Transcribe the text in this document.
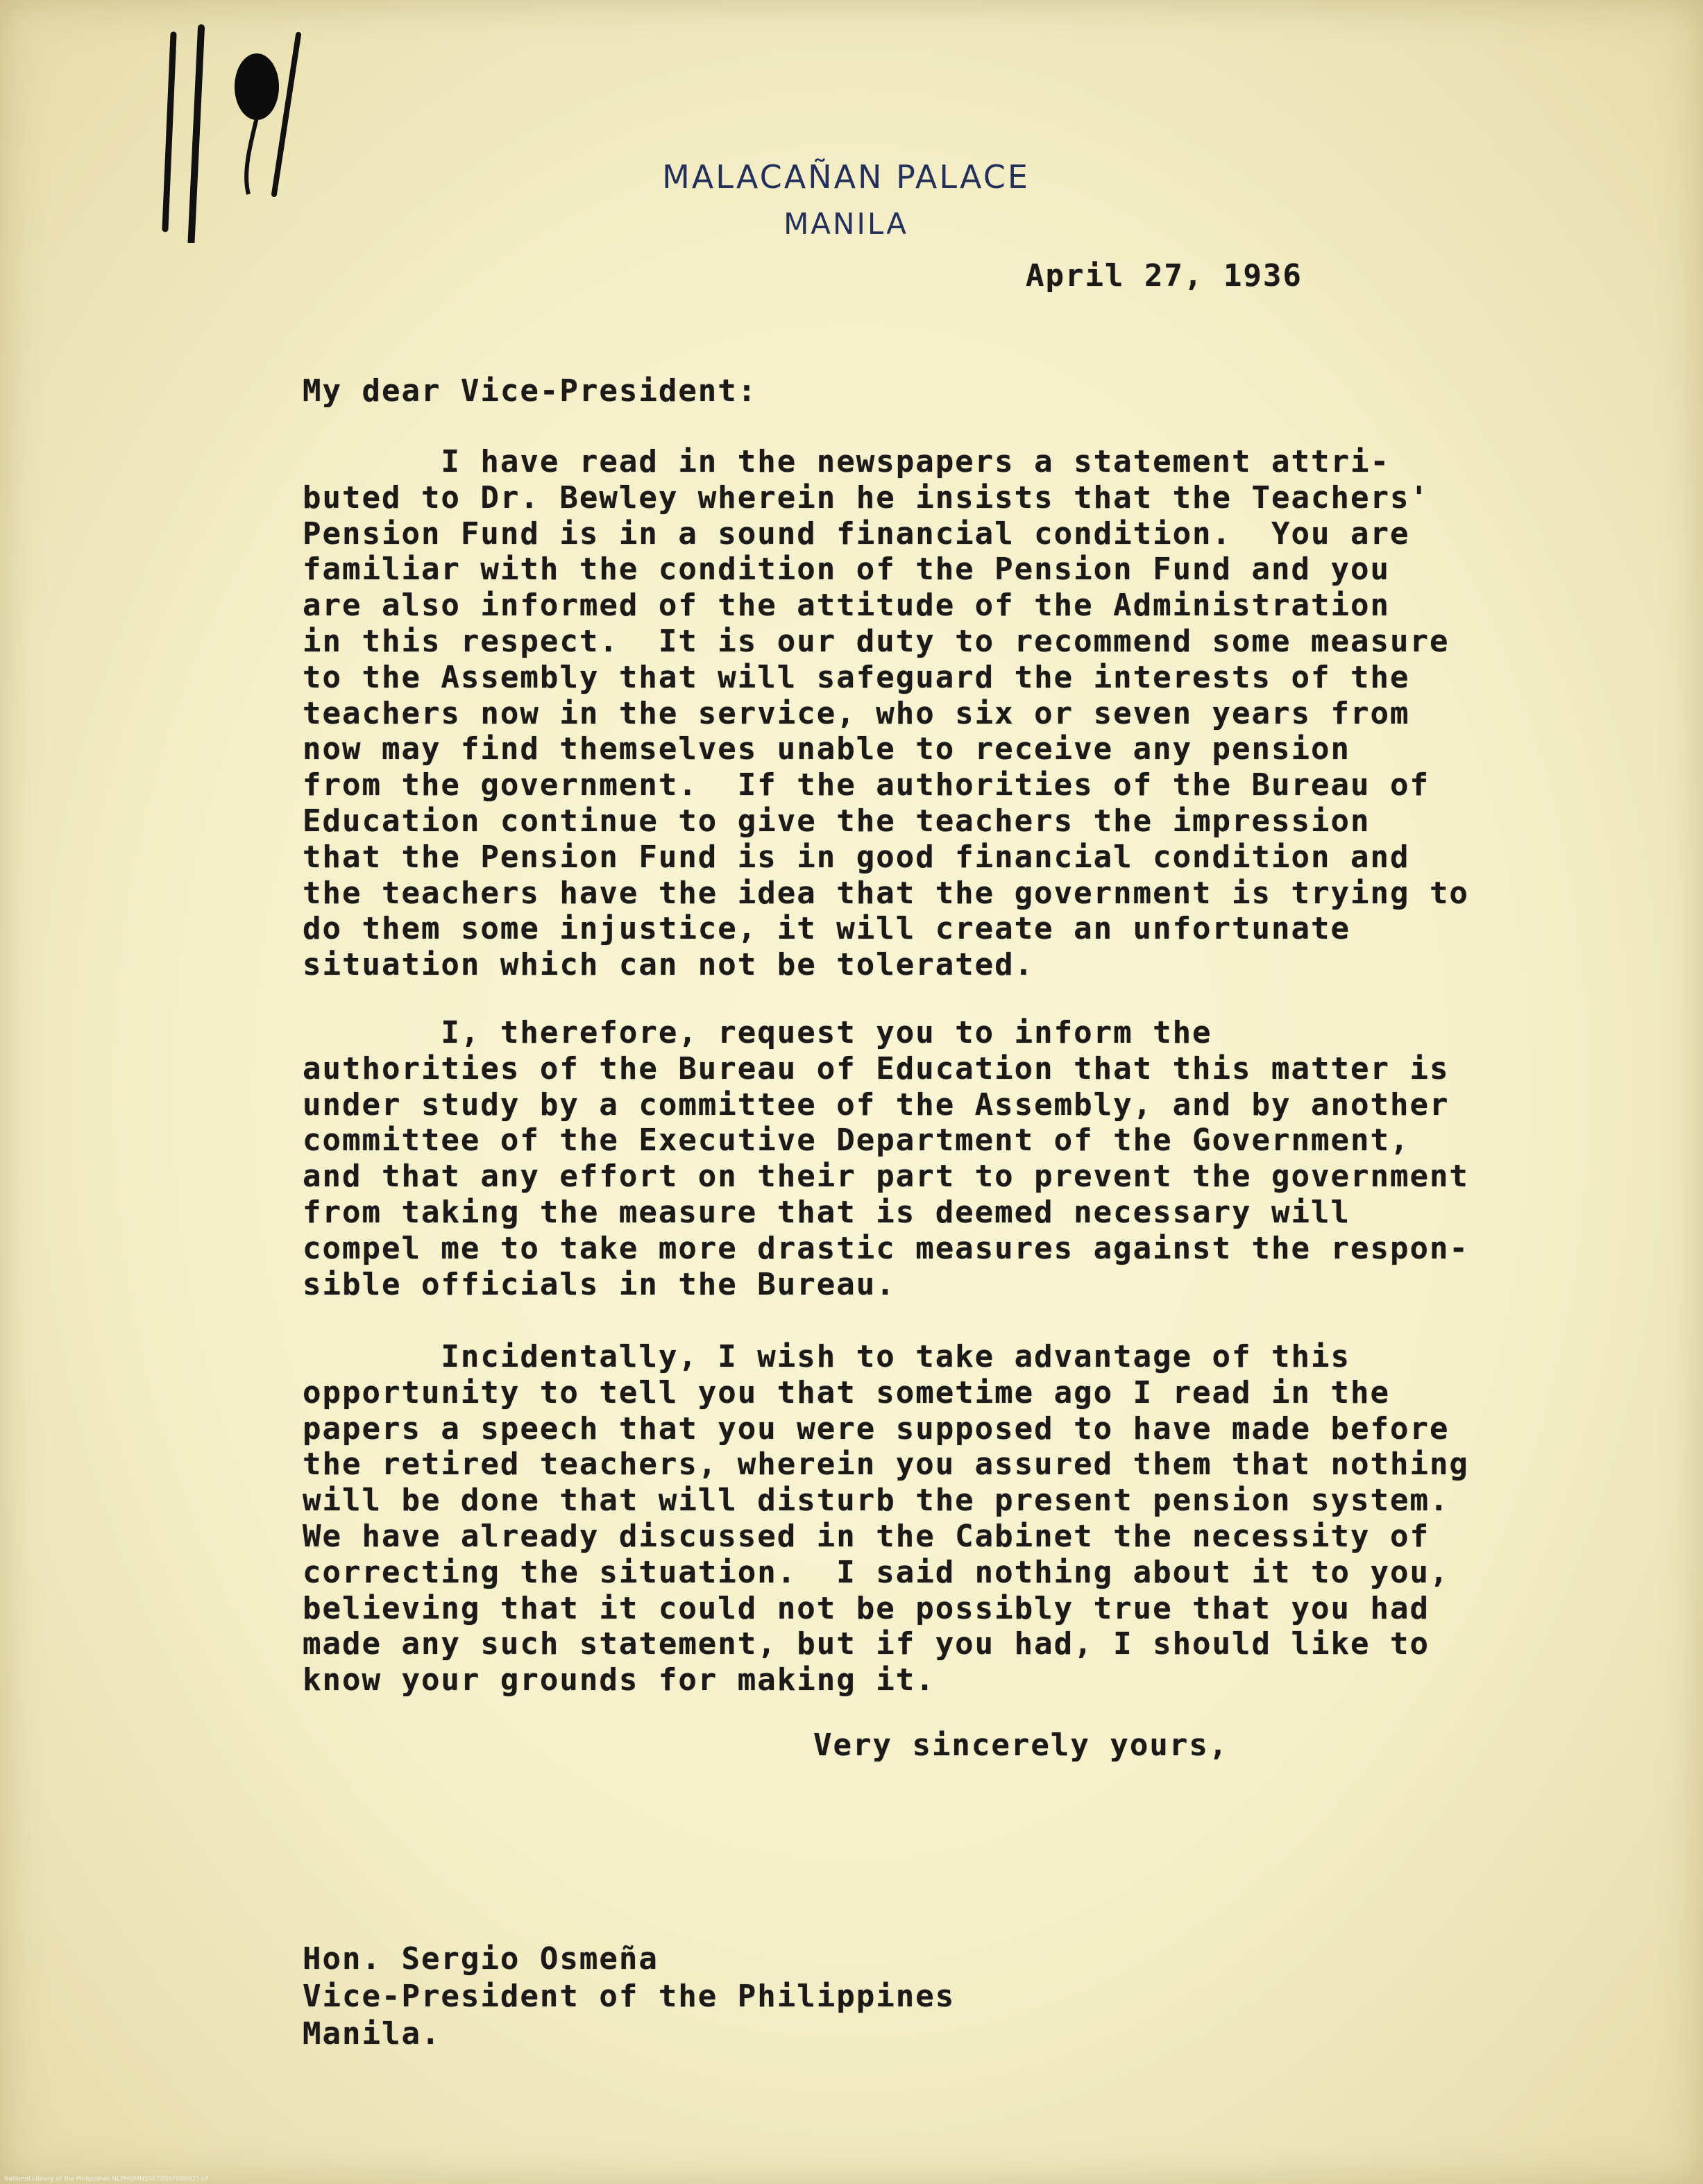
MALACAÑAN PALACE
MANILA
April 27, 1936
My dear Vice-President:
I have read in the newspapers a statement attri-
buted to Dr. Bewley wherein he insists that the Teachers'
Pension Fund is in a sound financial condition.  You are
familiar with the condition of the Pension Fund and you
are also informed of the attitude of the Administration
in this respect.  It is our duty to recommend some measure
to the Assembly that will safeguard the interests of the
teachers now in the service, who six or seven years from
now may find themselves unable to receive any pension
from the government.  If the authorities of the Bureau of
Education continue to give the teachers the impression
that the Pension Fund is in good financial condition and
the teachers have the idea that the government is trying to
do them some injustice, it will create an unfortunate
situation which can not be tolerated.
I, therefore, request you to inform the
authorities of the Bureau of Education that this matter is
under study by a committee of the Assembly, and by another
committee of the Executive Department of the Government,
and that any effort on their part to prevent the government
from taking the measure that is deemed necessary will
compel me to take more drastic measures against the respon-
sible officials in the Bureau.
Incidentally, I wish to take advantage of this
opportunity to tell you that sometime ago I read in the
papers a speech that you were supposed to have made before
the retired teachers, wherein you assured them that nothing
will be done that will disturb the present pension system.
We have already discussed in the Cabinet the necessity of
correcting the situation.  I said nothing about it to you,
believing that it could not be possibly true that you had
made any such statement, but if you had, I should like to
know your grounds for making it.
Very sincerely yours,
Hon. Sergio Osmeña
Vice-President of the Philippines
Manila.
National Library of the Philippines NLPMQMNS007B06F006025.tif
